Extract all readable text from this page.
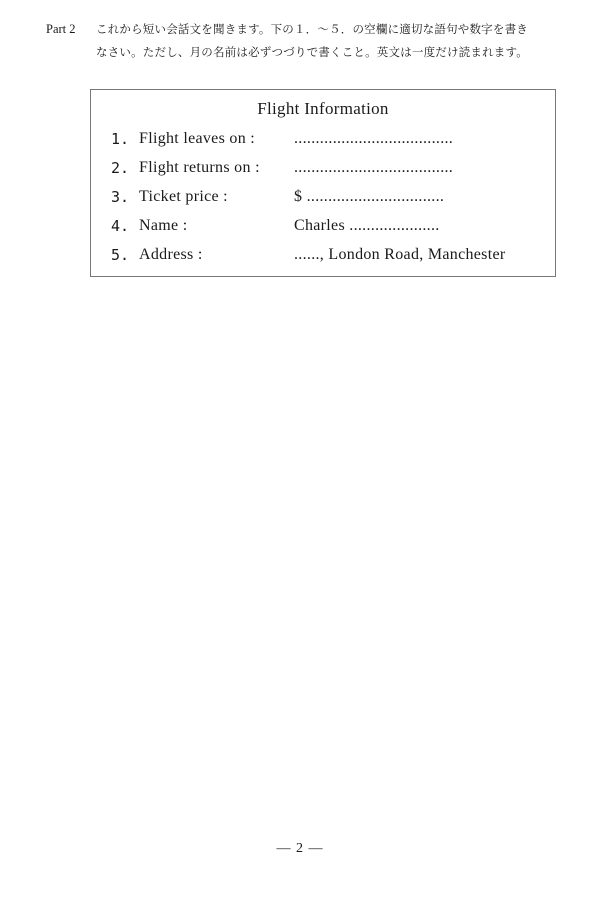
Part 2 これから短い会話文を聞きます。下の１．～５．の空欄に適切な語句や数字を書き
なさい。ただし、月の名前は必ずつづりで書くこと。英文は一度だけ読まれます。
Flight Information
1. Flight leaves on : .....................................
2. Flight returns on : .....................................
3. Ticket price :	$ ................................
4. Name :	Charles .....................
5. Address :	......, London Road, Manchester
— 2 —
